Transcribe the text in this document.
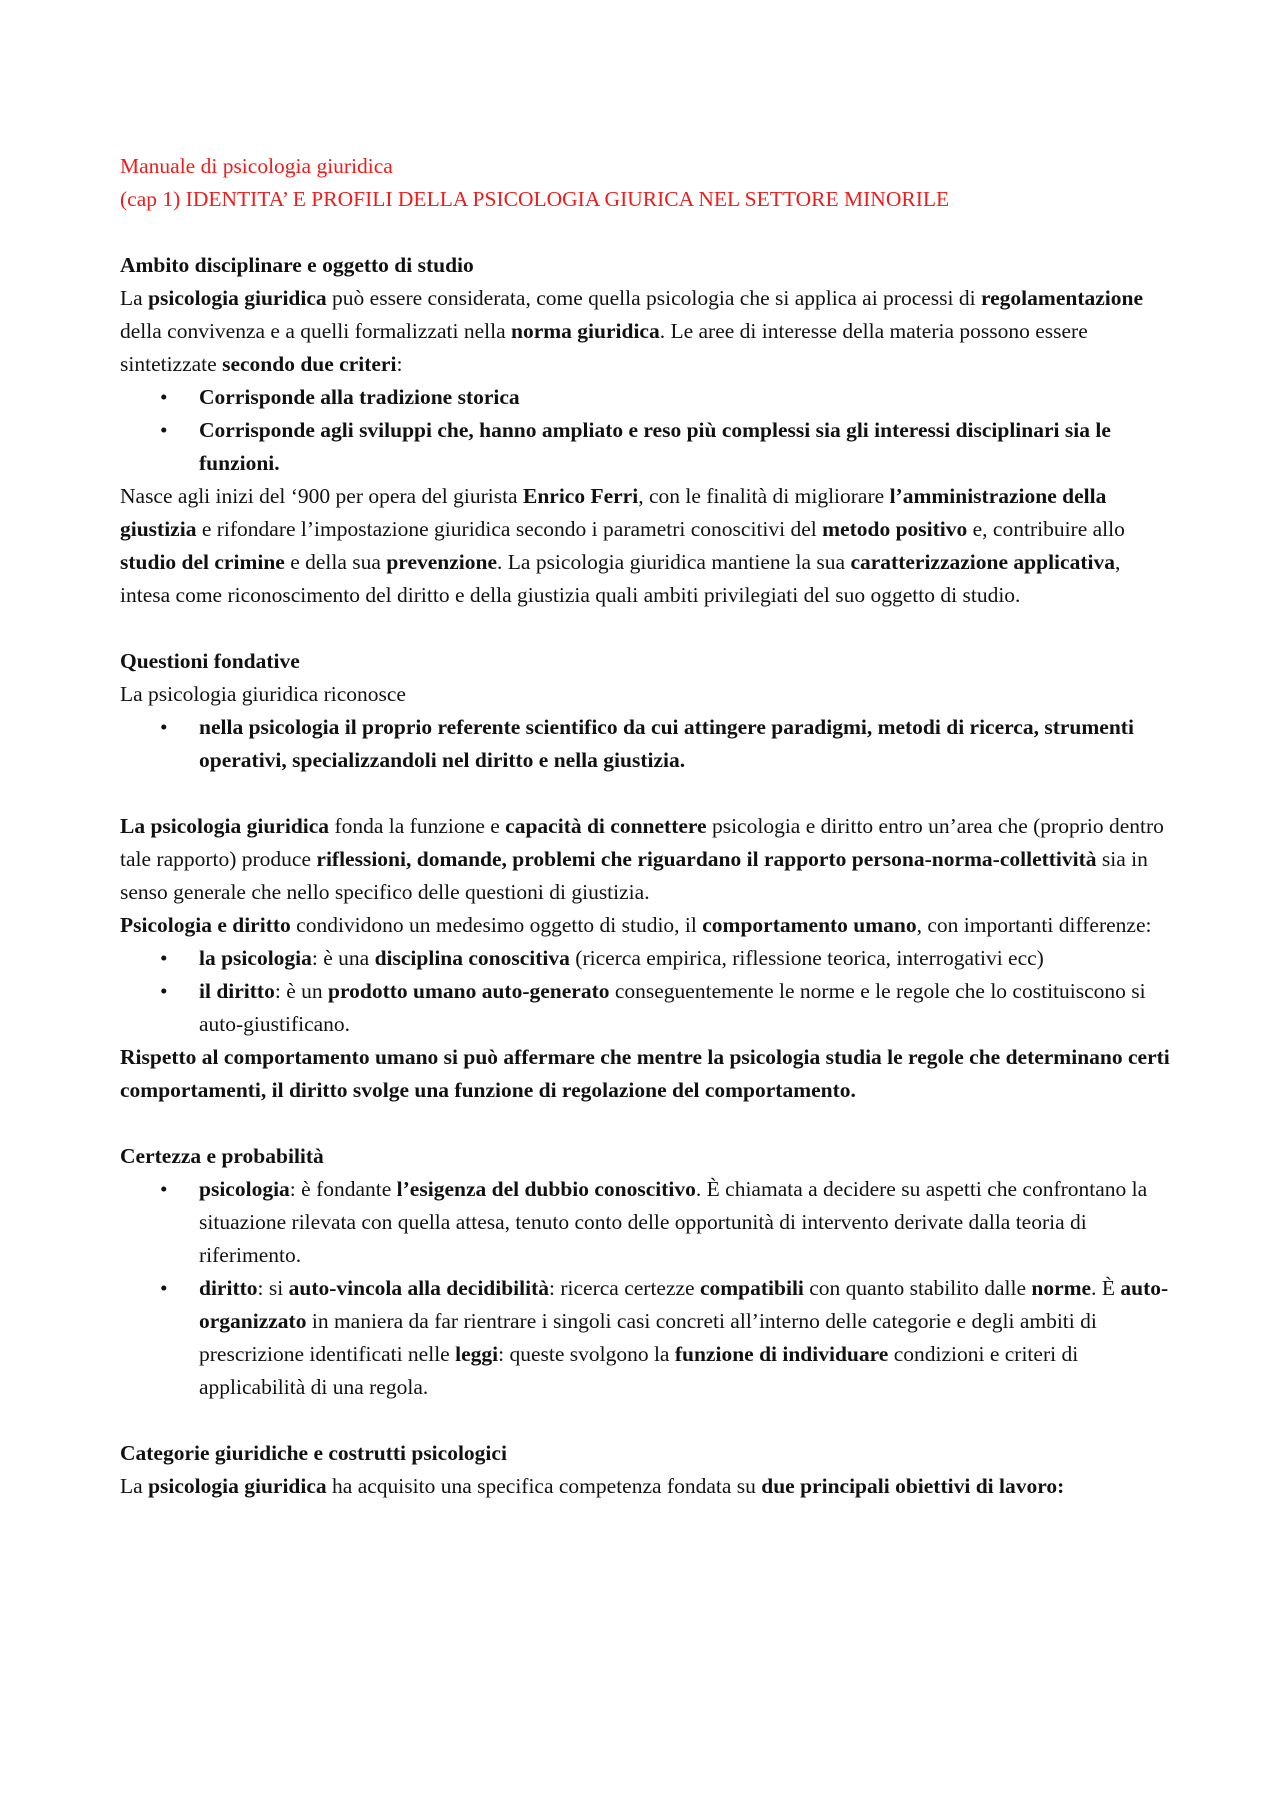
Manuale di psicologia giuridica
(cap 1) IDENTITA’ E PROFILI DELLA PSICOLOGIA GIURICA NEL SETTORE MINORILE
Ambito disciplinare e oggetto di studio

La psicologia giuridica può essere considerata, come quella psicologia che si applica ai processi di regolamentazione della convivenza e a quelli formalizzati nella norma giuridica. Le aree di interesse della materia possono essere sintetizzate secondo due criteri:

• Corrisponde alla tradizione storica
• Corrisponde agli sviluppi che, hanno ampliato e reso più complessi sia gli interessi disciplinari sia le funzioni.

Nasce agli inizi del ‘900 per opera del giurista Enrico Ferri, con le finalità di migliorare l’amministrazione della giustizia e rifondare l’impostazione giuridica secondo i parametri conoscitivi del metodo positivo e, contribuire allo studio del crimine e della sua prevenzione. La psicologia giuridica mantiene la sua caratterizzazione applicativa, intesa come riconoscimento del diritto e della giustizia quali ambiti privilegiati del suo oggetto di studio.

Questioni fondative

La psicologia giuridica riconosce

• nella psicologia il proprio referente scientifico da cui attingere paradigmi, metodi di ricerca, strumenti operativi, specializzandoli nel diritto e nella giustizia.

La psicologia giuridica fonda la funzione e capacità di connettere psicologia e diritto entro un’area che (proprio dentro tale rapporto) produce riflessioni, domande, problemi che riguardano il rapporto persona-norma-collettività sia in senso generale che nello specifico delle questioni di giustizia.

Psicologia e diritto condividono un medesimo oggetto di studio, il comportamento umano, con importanti differenze:

• la psicologia: è una disciplina conoscitiva (ricerca empirica, riflessione teorica, interrogativi ecc)
• il diritto: è un prodotto umano auto-generato conseguentemente le norme e le regole che lo costituiscono si auto-giustificano.

Rispetto al comportamento umano si può affermare che mentre la psicologia studia le regole che determinano certi comportamenti, il diritto svolge una funzione di regolazione del comportamento.

Certezza e probabilità
• psicologia: è fondante l’esigenza del dubbio conoscitivo. È chiamata a decidere su aspetti che confrontano la situazione rilevata con quella attesa, tenuto conto delle opportunità di intervento derivate dalla teoria di riferimento.
• diritto: si auto-vincola alla decidibilità: ricerca certezze compatibili con quanto stabilito dalle norme. È auto-organizzato in maniera da far rientrare i singoli casi concreti all’interno delle categorie e degli ambiti di prescrizione identificati nelle leggi: queste svolgono la funzione di individuare condizioni e criteri di applicabilità di una regola.
Categorie giuridiche e costrutti psicologici

La psicologia giuridica ha acquisito una specifica competenza fondata su due principali obiettivi di lavoro:
